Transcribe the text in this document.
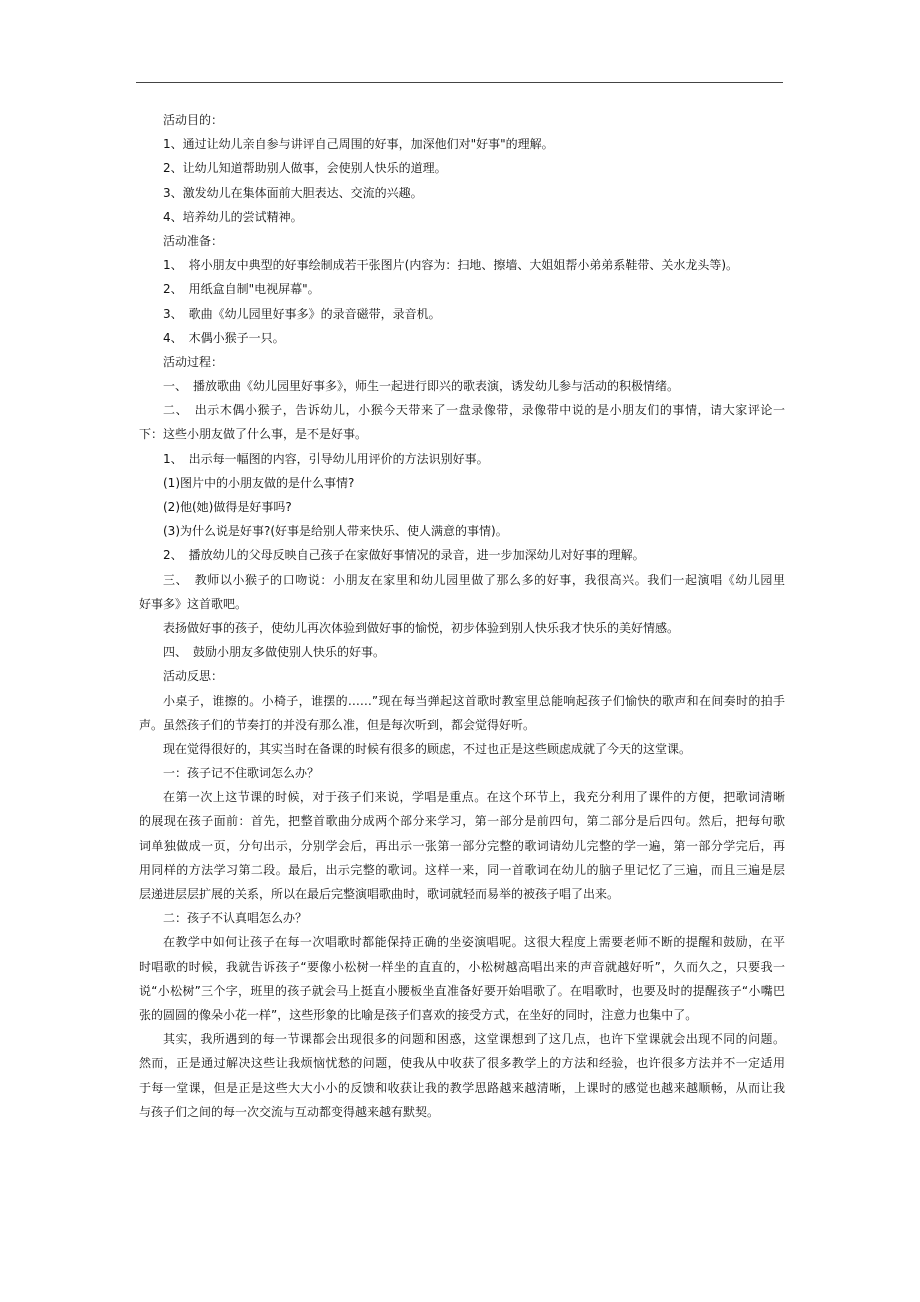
活动目的：
1、通过让幼儿亲自参与讲评自己周围的好事，加深他们对"好事"的理解。
2、让幼儿知道帮助别人做事，会使别人快乐的道理。
3、激发幼儿在集体面前大胆表达、交流的兴趣。
4、培养幼儿的尝试精神。
活动准备：
1、　将小朋友中典型的好事绘制成若干张图片(内容为：扫地、擦墙、大姐姐帮小弟弟系鞋带、关水龙头等)。
2、　用纸盒自制"电视屏幕"。
3、　歌曲《幼儿园里好事多》的录音磁带，录音机。
4、　木偶小猴子一只。
活动过程：
一、　播放歌曲《幼儿园里好事多》，师生一起进行即兴的歌表演，诱发幼儿参与活动的积极情绪。
二、　出示木偶小猴子，告诉幼儿，小猴今天带来了一盘录像带，录像带中说的是小朋友们的事情，请大家评论一
下：这些小朋友做了什么事，是不是好事。
1、　出示每一幅图的内容，引导幼儿用评价的方法识别好事。
(1)图片中的小朋友做的是什么事情?
(2)他(她)做得是好事吗?
(3)为什么说是好事?(好事是给别人带来快乐、使人满意的事情)。
2、　播放幼儿的父母反映自己孩子在家做好事情况的录音，进一步加深幼儿对好事的理解。
三、　教师以小猴子的口吻说：小朋友在家里和幼儿园里做了那么多的好事，我很高兴。我们一起演唱《幼儿园里
好事多》这首歌吧。
表扬做好事的孩子，使幼儿再次体验到做好事的愉悦，初步体验到别人快乐我才快乐的美好情感。
四、　鼓励小朋友多做使别人快乐的好事。
活动反思：
小桌子，谁擦的。小椅子，谁摆的……”现在每当弹起这首歌时教室里总能响起孩子们愉快的歌声和在间奏时的拍手
声。虽然孩子们的节奏打的并没有那么准，但是每次听到，都会觉得好听。
现在觉得很好的，其实当时在备课的时候有很多的顾虑，不过也正是这些顾虑成就了今天的这堂课。
一：孩子记不住歌词怎么办？
在第一次上这节课的时候，对于孩子们来说，学唱是重点。在这个环节上，我充分利用了课件的方便，把歌词清晰
的展现在孩子面前：首先，把整首歌曲分成两个部分来学习，第一部分是前四句，第二部分是后四句。然后，把每句歌
词单独做成一页，分句出示，分别学会后，再出示一张第一部分完整的歌词请幼儿完整的学一遍，第一部分学完后，再
用同样的方法学习第二段。最后，出示完整的歌词。这样一来，同一首歌词在幼儿的脑子里记忆了三遍，而且三遍是层
层递进层层扩展的关系，所以在最后完整演唱歌曲时，歌词就轻而易举的被孩子唱了出来。
二：孩子不认真唱怎么办？
在教学中如何让孩子在每一次唱歌时都能保持正确的坐姿演唱呢。这很大程度上需要老师不断的提醒和鼓励，在平
时唱歌的时候，我就告诉孩子“要像小松树一样坐的直直的，小松树越高唱出来的声音就越好听”，久而久之，只要我一
说“小松树”三个字，班里的孩子就会马上挺直小腰板坐直准备好要开始唱歌了。在唱歌时，也要及时的提醒孩子“小嘴巴
张的圆圆的像朵小花一样”，这些形象的比喻是孩子们喜欢的接受方式，在坐好的同时，注意力也集中了。
其实，我所遇到的每一节课都会出现很多的问题和困惑，这堂课想到了这几点，也许下堂课就会出现不同的问题。
然而，正是通过解决这些让我烦恼忧愁的问题，使我从中收获了很多教学上的方法和经验，也许很多方法并不一定适用
于每一堂课，但是正是这些大大小小的反馈和收获让我的教学思路越来越清晰，上课时的感觉也越来越顺畅，从而让我
与孩子们之间的每一次交流与互动都变得越来越有默契。
